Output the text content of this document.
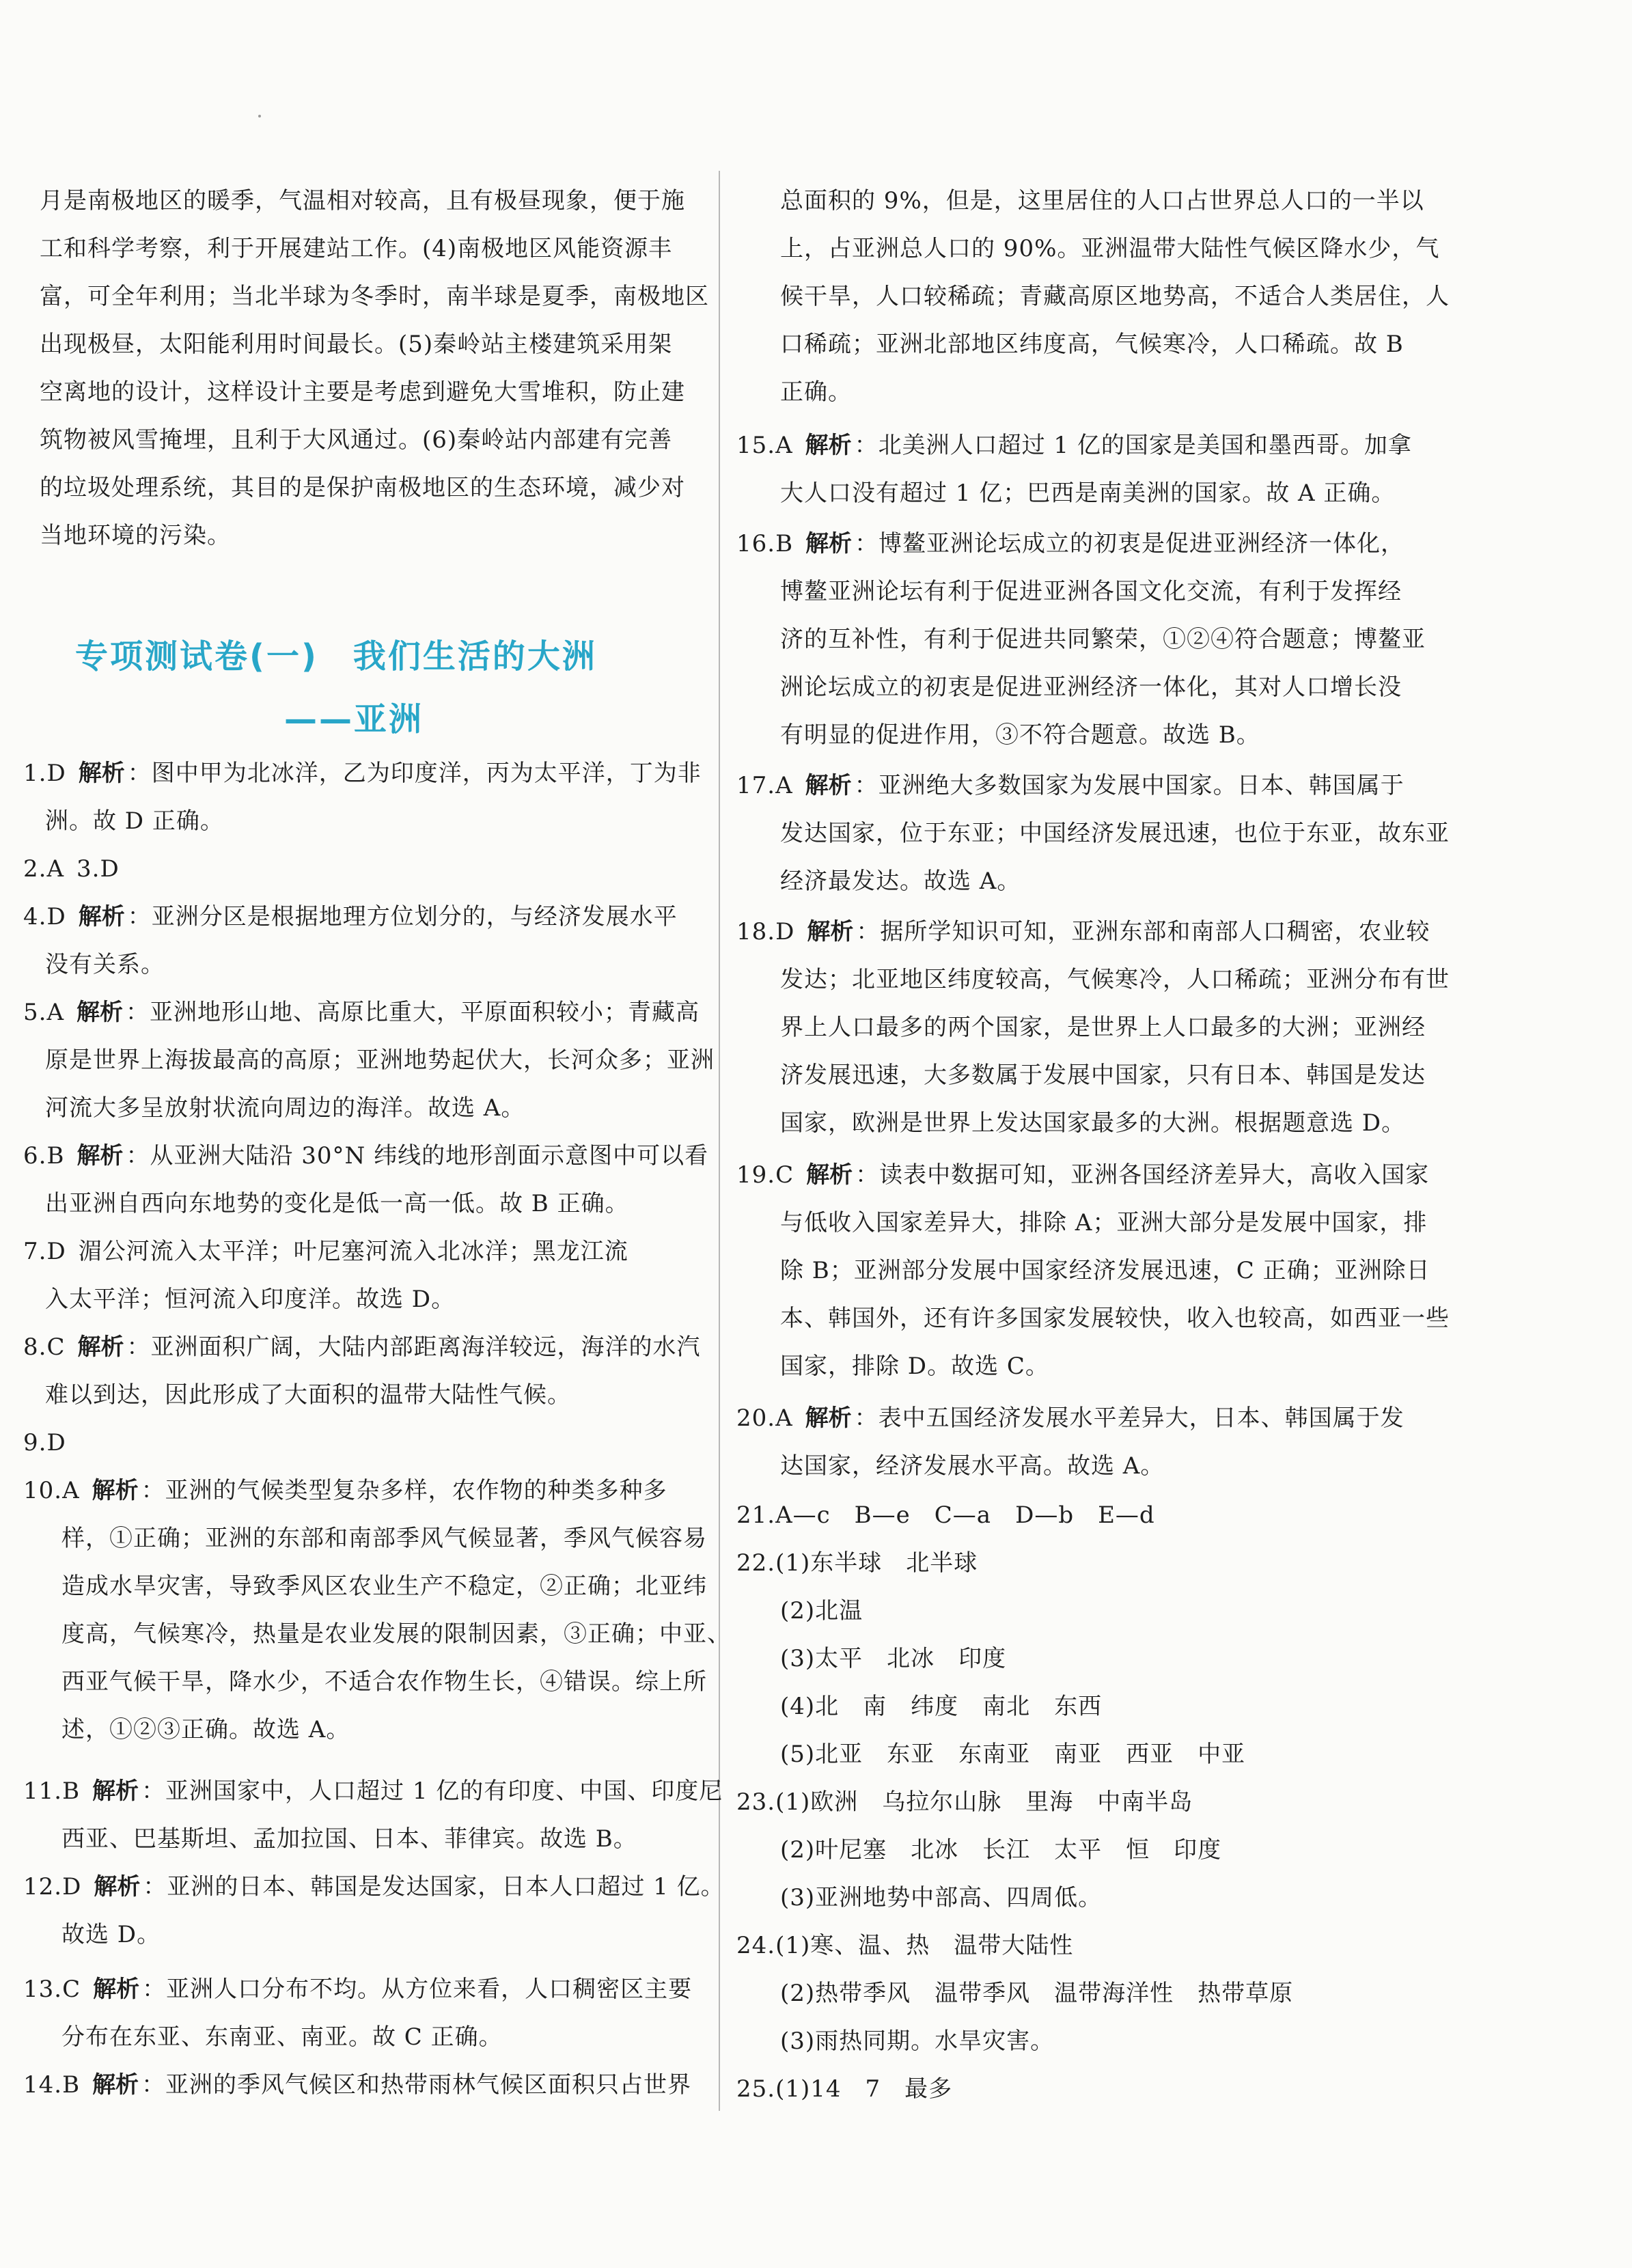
月是南极地区的暖季，气温相对较高，且有极昼现象，便于施
工和科学考察，利于开展建站工作。(4)南极地区风能资源丰
富，可全年利用；当北半球为冬季时，南半球是夏季，南极地区
出现极昼，太阳能利用时间最长。(5)秦岭站主楼建筑采用架
空离地的设计，这样设计主要是考虑到避免大雪堆积，防止建
筑物被风雪掩埋，且利于大风通过。(6)秦岭站内部建有完善
的垃圾处理系统，其目的是保护南极地区的生态环境，减少对
当地环境的污染。
专项测试卷(一)　我们生活的大洲
——亚洲
1.D 解析 ：图中甲为北冰洋，乙为印度洋，丙为太平洋，丁为非
洲。故 D 正确。
2.A 3.D
4.D 解析 ：亚洲分区是根据地理方位划分的，与经济发展水平
没有关系。
5.A 解析 ：亚洲地形山地、高原比重大，平原面积较小；青藏高
原是世界上海拔最高的高原；亚洲地势起伏大，长河众多；亚洲
河流大多呈放射状流向周边的海洋。故选 A。
6.B 解析 ：从亚洲大陆沿 30°N 纬线的地形剖面示意图中可以看
出亚洲自西向东地势的变化是低一高一低。故 B 正确。
7.D 湄公河流入太平洋；叶尼塞河流入北冰洋；黑龙江流
入太平洋；恒河流入印度洋。故选 D。
8.C 解析 ：亚洲面积广阔，大陆内部距离海洋较远，海洋的水汽
难以到达，因此形成了大面积的温带大陆性气候。
9.D
10.A 解析 ：亚洲的气候类型复杂多样，农作物的种类多种多
样，①正确；亚洲的东部和南部季风气候显著，季风气候容易
造成水旱灾害，导致季风区农业生产不稳定，②正确；北亚纬
度高，气候寒冷，热量是农业发展的限制因素，③正确；中亚、
西亚气候干旱，降水少，不适合农作物生长，④错误。综上所
述，①②③正确。故选 A。
11.B 解析 ：亚洲国家中，人口超过 1 亿的有印度、中国、印度尼
西亚、巴基斯坦、孟加拉国、日本、菲律宾。故选 B。
12.D 解析 ：亚洲的日本、韩国是发达国家，日本人口超过 1 亿。
故选 D。
13.C 解析 ：亚洲人口分布不均。从方位来看，人口稠密区主要
分布在东亚、东南亚、南亚。故 C 正确。
14.B 解析 ：亚洲的季风气候区和热带雨林气候区面积只占世界
总面积的 9%，但是，这里居住的人口占世界总人口的一半以
上，占亚洲总人口的 90%。亚洲温带大陆性气候区降水少，气
候干旱，人口较稀疏；青藏高原区地势高，不适合人类居住，人
口稀疏；亚洲北部地区纬度高，气候寒冷，人口稀疏。故 B
正确。
15.A 解析 ：北美洲人口超过 1 亿的国家是美国和墨西哥。加拿
大人口没有超过 1 亿；巴西是南美洲的国家。故 A 正确。
16.B 解析 ：博鳌亚洲论坛成立的初衷是促进亚洲经济一体化，
博鳌亚洲论坛有利于促进亚洲各国文化交流，有利于发挥经
济的互补性，有利于促进共同繁荣，①②④符合题意；博鳌亚
洲论坛成立的初衷是促进亚洲经济一体化，其对人口增长没
有明显的促进作用，③不符合题意。故选 B。
17.A 解析 ：亚洲绝大多数国家为发展中国家。日本、韩国属于
发达国家，位于东亚；中国经济发展迅速，也位于东亚，故东亚
经济最发达。故选 A。
18.D 解析 ：据所学知识可知，亚洲东部和南部人口稠密，农业较
发达；北亚地区纬度较高，气候寒冷，人口稀疏；亚洲分布有世
界上人口最多的两个国家，是世界上人口最多的大洲；亚洲经
济发展迅速，大多数属于发展中国家，只有日本、韩国是发达
国家，欧洲是世界上发达国家最多的大洲。根据题意选 D。
19.C 解析 ：读表中数据可知，亚洲各国经济差异大，高收入国家
与低收入国家差异大，排除 A；亚洲大部分是发展中国家，排
除 B；亚洲部分发展中国家经济发展迅速，C 正确；亚洲除日
本、韩国外，还有许多国家发展较快，收入也较高，如西亚一些
国家，排除 D。故选 C。
20.A 解析 ：表中五国经济发展水平差异大，日本、韩国属于发
达国家，经济发展水平高。故选 A。
21.A—c　B—e　C—a　D—b　E—d
22.(1)东半球　北半球
(2)北温
(3)太平　北冰　印度
(4)北　南　纬度　南北　东西
(5)北亚　东亚　东南亚　南亚　西亚　中亚
23.(1)欧洲　乌拉尔山脉　里海　中南半岛
(2)叶尼塞　北冰　长江　太平　恒　印度
(3)亚洲地势中部高、四周低。
24.(1)寒、温、热　温带大陆性
(2)热带季风　温带季风　温带海洋性　热带草原
(3)雨热同期。水旱灾害。
25.(1)14　7　最多
